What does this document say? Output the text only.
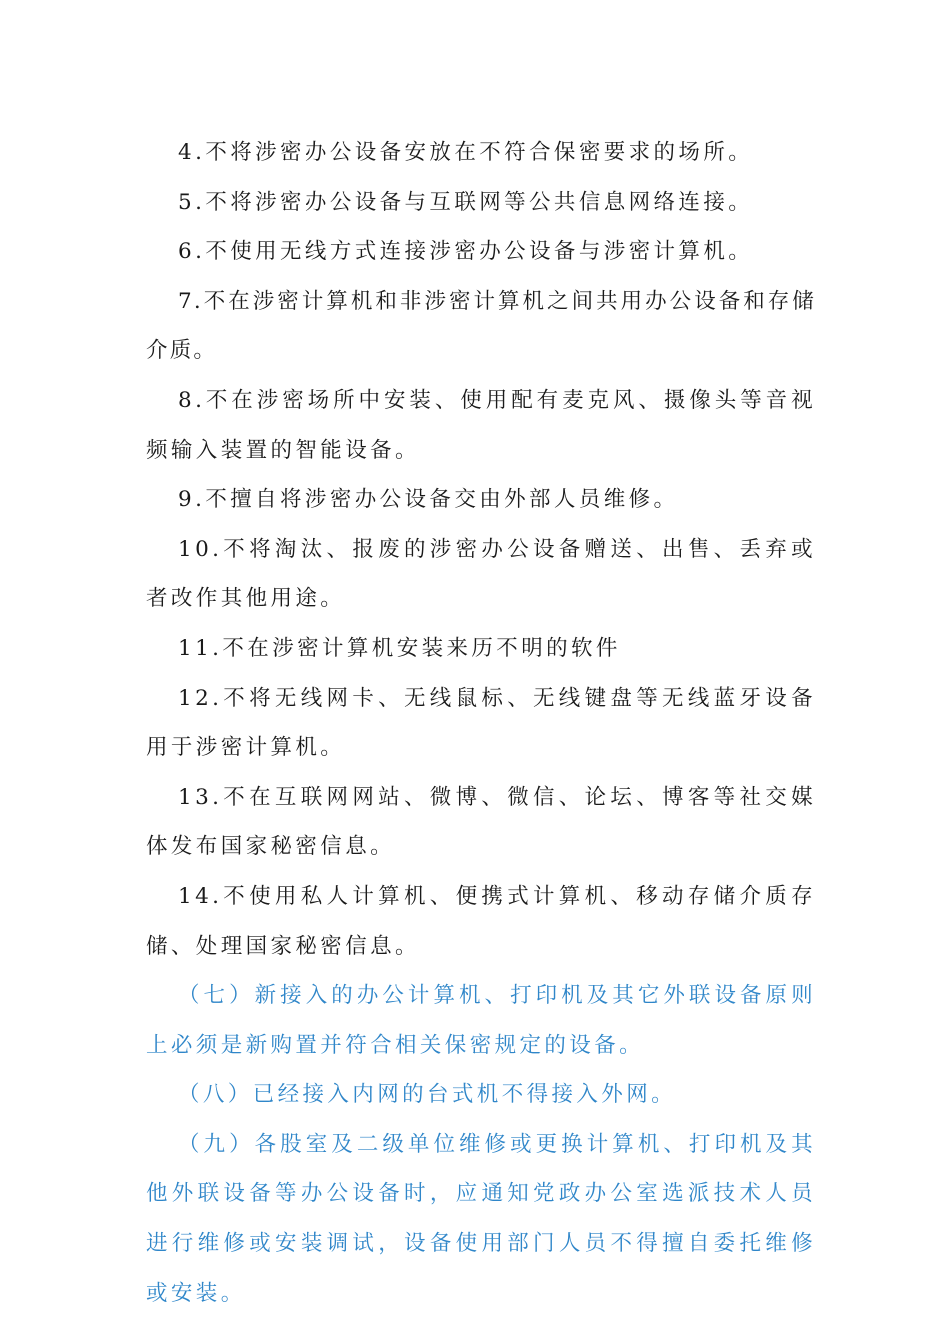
4.不将涉密办公设备安放在不符合保密要求的场所。

5.不将涉密办公设备与互联网等公共信息网络连接。

6.不使用无线方式连接涉密办公设备与涉密计算机。

7.不在涉密计算机和非涉密计算机之间共用办公设备和存储介质。

8.不在涉密场所中安装、使用配有麦克风、摄像头等音视频输入装置的智能设备。

9.不擅自将涉密办公设备交由外部人员维修。

10.不将淘汰、报废的涉密办公设备赠送、出售、丢弃或者改作其他用途。

11.不在涉密计算机安装来历不明的软件

12.不将无线网卡、无线鼠标、无线键盘等无线蓝牙设备用于涉密计算机。

13.不在互联网网站、微博、微信、论坛、博客等社交媒体发布国家秘密信息。

14.不使用私人计算机、便携式计算机、移动存储介质存储、处理国家秘密信息。

（七）新接入的办公计算机、打印机及其它外联设备原则上必须是新购置并符合相关保密规定的设备。

（八）已经接入内网的台式机不得接入外网。

（九）各股室及二级单位维修或更换计算机、打印机及其他外联设备等办公设备时，应通知党政办公室选派技术人员进行维修或安装调试，设备使用部门人员不得擅自委托维修或安装。
